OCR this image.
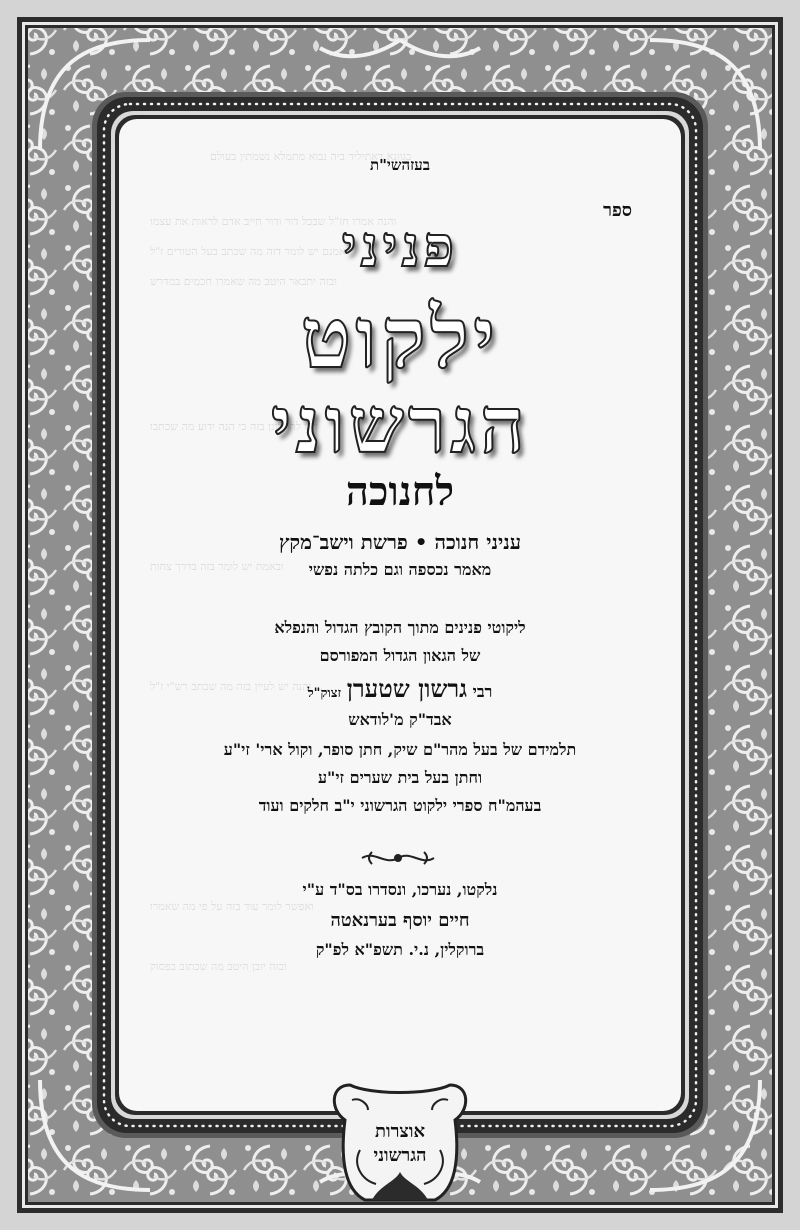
בגוונא דאתיליד ביה נבוא מתמלא נשמתין בעולם
והנה אמרו חז"ל שבכל דור ודור חייב אדם לראות את עצמו
אמנם יש לומר דזה מה שכתב בעל הטורים ז"ל
ובזה יתבאר היטב מה שאמרו חכמים במדרש
ויש להתבונן בזה כי הנה ידוע מה שכתבו
ובאמת יש לומר בזה בדרך צחות
והנה יש לעיין בזה מה שכתב רש"י ז"ל
ואפשר לומר עוד בזה על פי מה שאמרו
ובזה יובן היטב מה שכתוב בפסוק
בעזהשי"ת
ספר
פניני
ילקוט
הגרשוני
לחנוכה
עניני חנוכה • פרשת וישב־מקץ
מאמר נכספה וגם כלתה נפשי
ליקוטי פנינים מתוך הקובץ הגדול והנפלא
של הגאון הגדול המפורסם
רבי גרשון שטערן זצוק"ל
אבד"ק מ'לודאש
תלמידם של בעל מהר"ם שיק, חתן סופר, וקול ארי' זי"ע
וחתן בעל בית שערים זי"ע
בעהמ"ח ספרי ילקוט הגרשוני י"ב חלקים ועוד
נלקטו, נערכו, ונסדרו בס"ד ע"י
חיים יוסף בערנאטה
ברוקלין, נ.י. תשפ"א לפ"ק
אוצרות
הגרשוני
